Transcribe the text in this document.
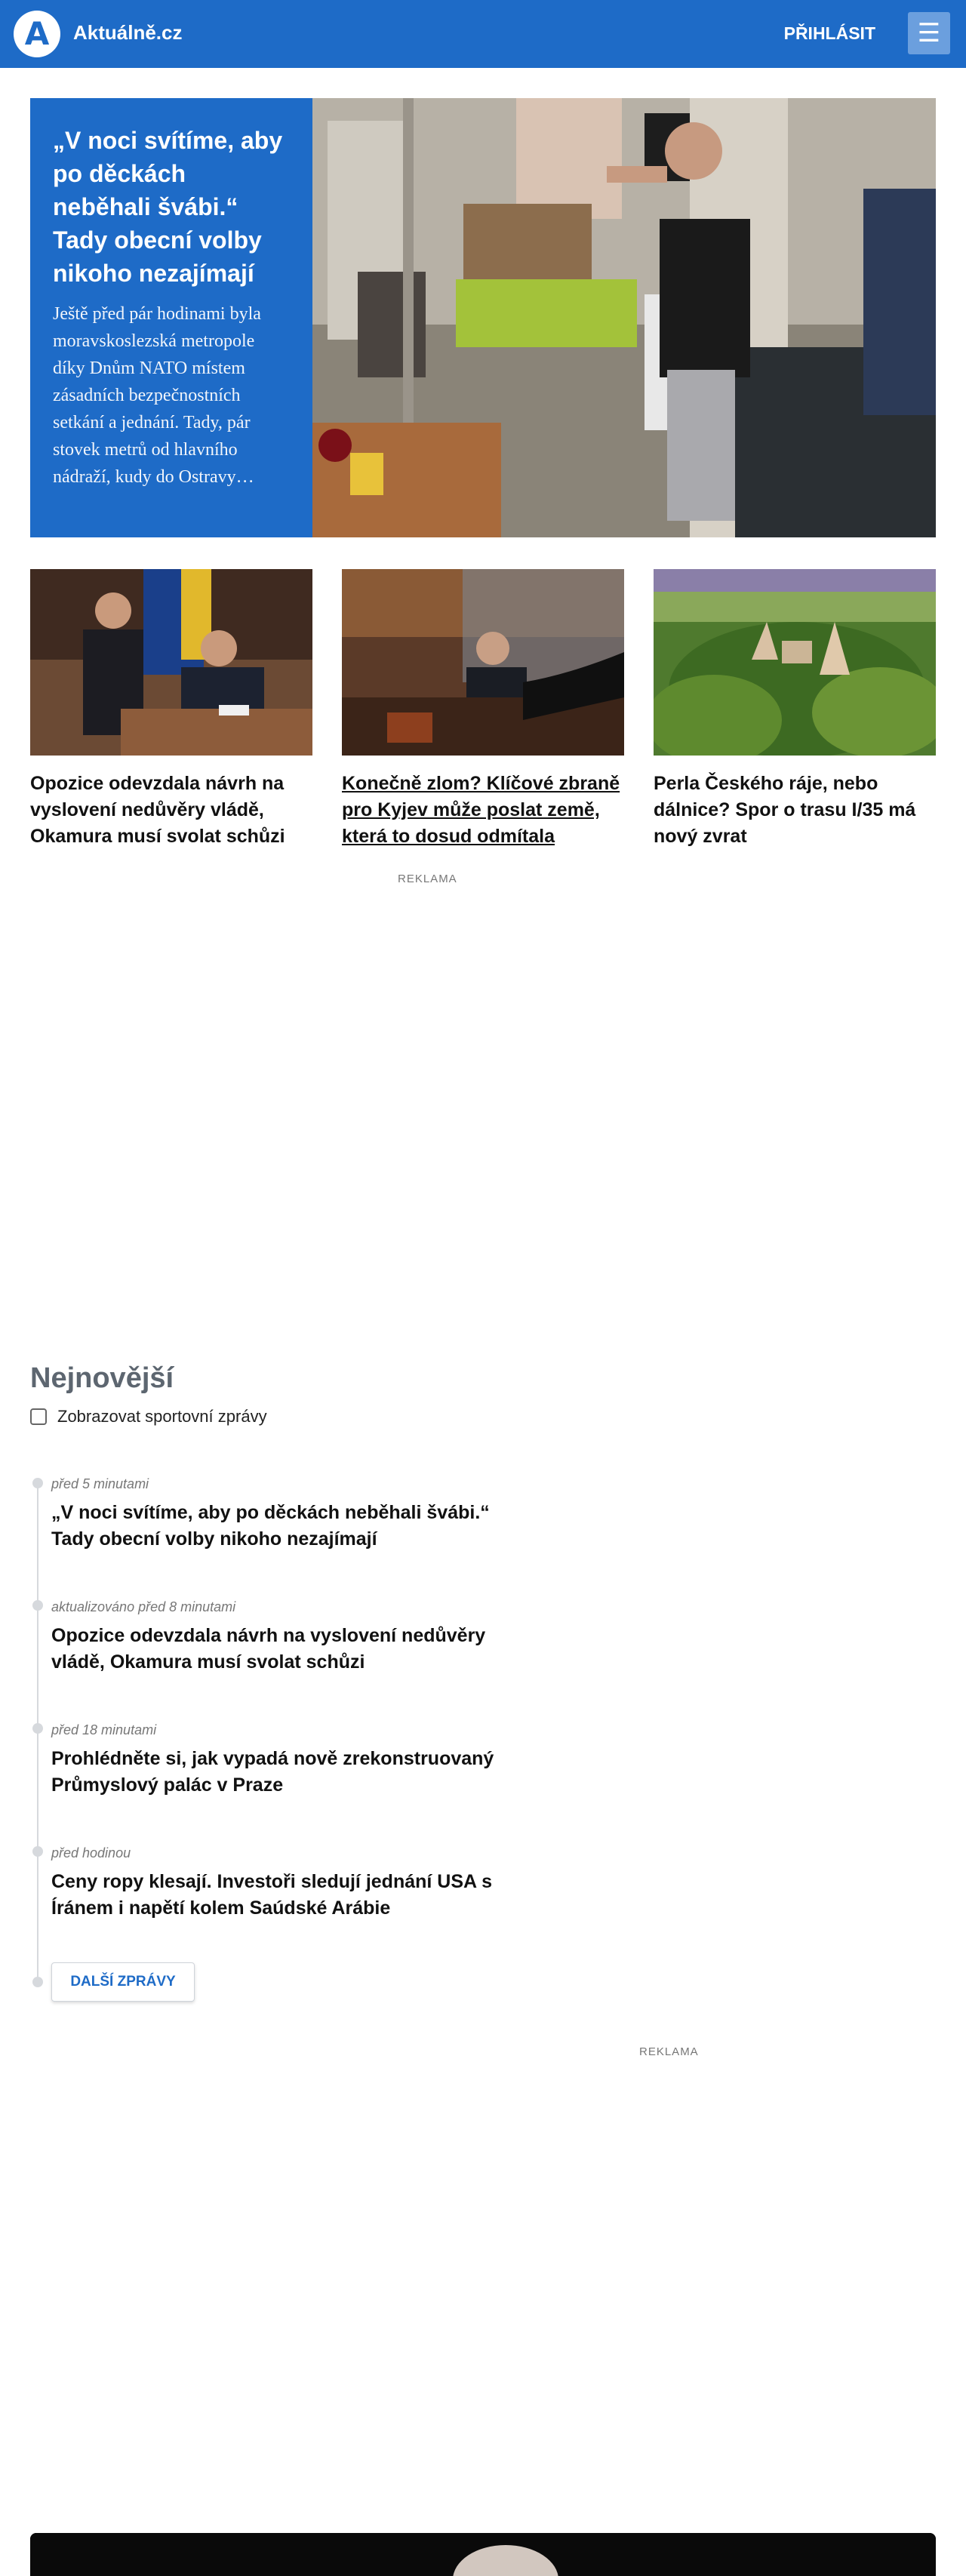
A Aktuálně.cz	PŘIHLÁSIT ☰
„V noci svítíme, aby po děckách neběhali švábi.“ Tady obecní volby nikoho nezajímají

Ještě před pár hodinami byla moravskoslezská metropole díky Dnům NATO místem zásadních bezpečnostních setkání a jednání. Tady, pár stovek metrů od hlavního nádraží, kudy do Ostravy…

Opozice odevzdala návrh na vyslovení nedůvěry vládě, Okamura musí svolat schůzi
Konečně zlom? Klíčové zbraně pro Kyjev může poslat země, která to dosud odmítala
Perla Českého ráje, nebo dálnice? Spor o trasu I/35 má nový zvrat
REKLAMA
Nejnovější
Zobrazovat sportovní zprávy
před 5 minutami
„V noci svítíme, aby po děckách neběhali švábi.“ Tady obecní volby nikoho nezajímají
aktualizováno před 8 minutami
Opozice odevzdala návrh na vyslovení nedůvěry vládě, Okamura musí svolat schůzi
před 18 minutami
Prohlédněte si, jak vypadá nově zrekonstruovaný Průmyslový palác v Praze
před hodinou
Ceny ropy klesají. Investoři sledují jednání USA s Íránem i napětí kolem Saúdské Arábie
DALŠÍ ZPRÁVY
REKLAMA
